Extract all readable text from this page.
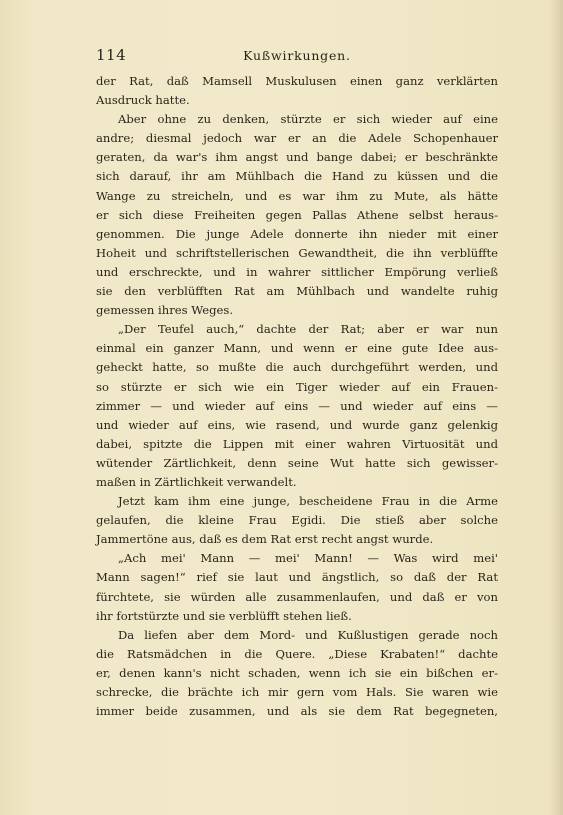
114	Kußwirkungen.
der Rat, daß Mamsell Muskulusen einen ganz verklärten
Ausdruck hatte.
Aber ohne zu denken, stürzte er sich wieder auf eine
andre; diesmal jedoch war er an die Adele Schopenhauer
geraten, da war's ihm angst und bange dabei; er beschränkte
sich darauf, ihr am Mühlbach die Hand zu küssen und die
Wange zu streicheln, und es war ihm zu Mute, als hätte
er sich diese Freiheiten gegen Pallas Athene selbst heraus-
genommen. Die junge Adele donnerte ihn nieder mit einer
Hoheit und schriftstellerischen Gewandtheit, die ihn verblüffte
und erschreckte, und in wahrer sittlicher Empörung verließ
sie den verblüfften Rat am Mühlbach und wandelte ruhig
gemessen ihres Weges.
„Der Teufel auch,“ dachte der Rat; aber er war nun
einmal ein ganzer Mann, und wenn er eine gute Idee aus-
geheckt hatte, so mußte die auch durchgeführt werden, und
so stürzte er sich wie ein Tiger wieder auf ein Frauen-
zimmer — und wieder auf eins — und wieder auf eins —
und wieder auf eins, wie rasend, und wurde ganz gelenkig
dabei, spitzte die Lippen mit einer wahren Virtuosität und
wütender Zärtlichkeit, denn seine Wut hatte sich gewisser-
maßen in Zärtlichkeit verwandelt.
Jetzt kam ihm eine junge, bescheidene Frau in die Arme
gelaufen, die kleine Frau Egidi. Die stieß aber solche
Jammertöne aus, daß es dem Rat erst recht angst wurde.
„Ach mei' Mann — mei' Mann! — Was wird mei'
Mann sagen!“ rief sie laut und ängstlich, so daß der Rat
fürchtete, sie würden alle zusammenlaufen, und daß er von
ihr fortstürzte und sie verblüfft stehen ließ.
Da liefen aber dem Mord- und Kußlustigen gerade noch
die Ratsmädchen in die Quere. „Diese Krabaten!“ dachte
er, denen kann's nicht schaden, wenn ich sie ein bißchen er-
schrecke, die brächte ich mir gern vom Hals. Sie waren wie
immer beide zusammen, und als sie dem Rat begegneten,
